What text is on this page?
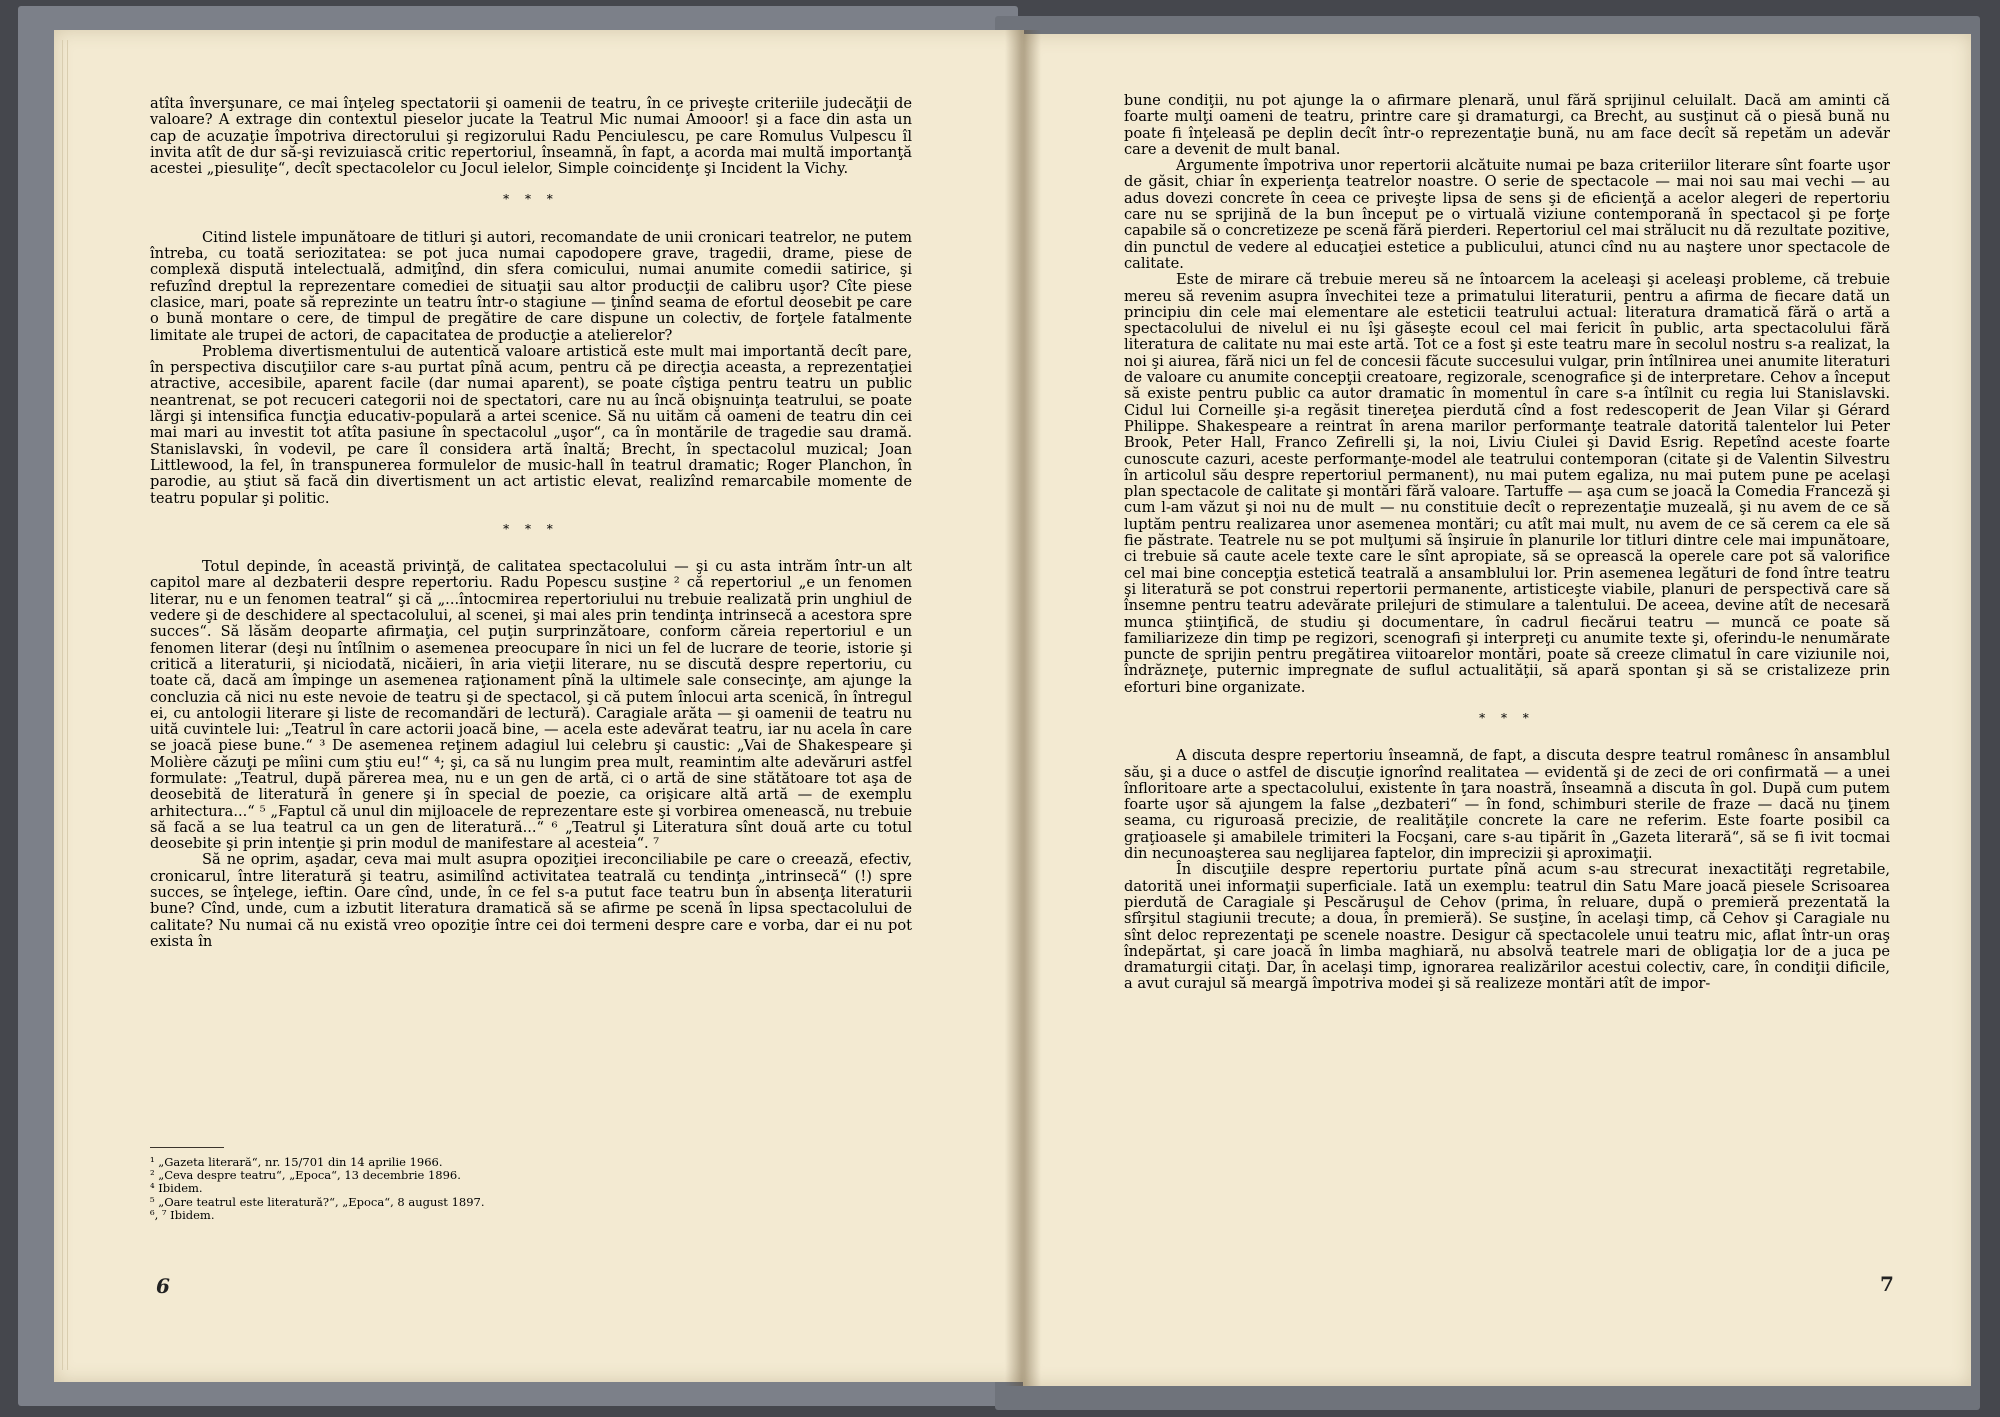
atîta înverşunare, ce mai înţeleg spectatorii şi oamenii de teatru, în ce priveşte criteriile judecăţii de valoare? A extrage din contextul pieselor jucate la Teatrul Mic numai Amooor! şi a face din asta un cap de acuzaţie împotriva directorului şi regizorului Radu Penciulescu, pe care Romulus Vulpescu îl invita atît de dur să-şi revizuiască critic repertoriul, înseamnă, în fapt, a acorda mai multă importanţă acestei „piesuliţe“, decît spectacolelor cu Jocul ielelor, Simple coincidenţe şi Incident la Vichy.

* * *

Citind listele impunătoare de titluri şi autori, recomandate de unii cronicari teatrelor, ne putem întreba, cu toată seriozitatea: se pot juca numai capodopere grave, tragedii, drame, piese de complexă dispută intelectuală, admiţînd, din sfera comicului, numai anumite comedii satirice, şi refuzînd dreptul la reprezentare comediei de situaţii sau altor producţii de calibru uşor? Cîte piese clasice, mari, poate să reprezinte un teatru într-o stagiune — ţinînd seama de efortul deosebit pe care o bună montare o cere, de timpul de pregătire de care dispune un colectiv, de forţele fatalmente limitate ale trupei de actori, de capacitatea de producţie a atelierelor?

Problema divertismentului de autentică valoare artistică este mult mai importantă decît pare, în perspectiva discuţiilor care s-au purtat pînă acum, pentru că pe direcţia aceasta, a reprezentaţiei atractive, accesibile, aparent facile (dar numai aparent), se poate cîştiga pentru teatru un public neantrenat, se pot recuceri categorii noi de spectatori, care nu au încă obişnuinţa teatrului, se poate lărgi şi intensifica funcţia educativ-populară a artei scenice. Să nu uităm că oameni de teatru din cei mai mari au investit tot atîta pasiune în spectacolul „uşor“, ca în montările de tragedie sau dramă. Stanislavski, în vodevil, pe care îl considera artă înaltă; Brecht, în spectacolul muzical; Joan Littlewood, la fel, în transpunerea formulelor de music-hall în teatrul dramatic; Roger Planchon, în parodie, au ştiut să facă din divertisment un act artistic elevat, realizînd remarcabile momente de teatru popular şi politic.

* * *

Totul depinde, în această privinţă, de calitatea spectacolului — şi cu asta intrăm într-un alt capitol mare al dezbaterii despre repertoriu. Radu Popescu susţine ² că repertoriul „e un fenomen literar, nu e un fenomen teatral“ şi că „...întocmirea repertoriului nu trebuie realizată prin unghiul de vedere şi de deschidere al spectacolului, al scenei, şi mai ales prin tendinţa intrinsecă a acestora spre succes“. Să lăsăm deoparte afirmaţia, cel puţin surprinzătoare, conform căreia repertoriul e un fenomen literar (deşi nu întîlnim o asemenea preocupare în nici un fel de lucrare de teorie, istorie şi critică a literaturii, şi niciodată, nicăieri, în aria vieţii literare, nu se discută despre repertoriu, cu toate că, dacă am împinge un asemenea raţionament pînă la ultimele sale consecinţe, am ajunge la concluzia că nici nu este nevoie de teatru şi de spectacol, şi că putem înlocui arta scenică, în întregul ei, cu antologii literare şi liste de recomandări de lectură). Caragiale arăta — şi oamenii de teatru nu uită cuvintele lui: „Teatrul în care actorii joacă bine, — acela este adevărat teatru, iar nu acela în care se joacă piese bune.“ ³ De asemenea reţinem adagiul lui celebru şi caustic: „Vai de Shakespeare şi Molière căzuţi pe mîini cum ştiu eu!“ ⁴; şi, ca să nu lungim prea mult, reamintim alte adevăruri astfel formulate: „Teatrul, după părerea mea, nu e un gen de artă, ci o artă de sine stătătoare tot aşa de deosebită de literatură în genere şi în special de poezie, ca orişicare altă artă — de exemplu arhitectura...“ ⁵ „Faptul că unul din mijloacele de reprezentare este şi vorbirea omenească, nu trebuie să facă a se lua teatrul ca un gen de literatură...“ ⁶ „Teatrul şi Literatura sînt două arte cu totul deosebite şi prin intenţie şi prin modul de manifestare al acesteia“. ⁷

Să ne oprim, aşadar, ceva mai mult asupra opoziţiei ireconciliabile pe care o creează, efectiv, cronicarul, între literatură şi teatru, asimilînd activitatea teatrală cu tendinţa „intrinsecă“ (!) spre succes, se înţelege, ieftin. Oare cînd, unde, în ce fel s-a putut face teatru bun în absenţa literaturii bune? Cînd, unde, cum a izbutit literatura dramatică să se afirme pe scenă în lipsa spectacolului de calitate? Nu numai că nu există vreo opoziţie între cei doi termeni despre care e vorba, dar ei nu pot exista în

¹ „Gazeta literară“, nr. 15/701 din 14 aprilie 1966.
² „Ceva despre teatru“, „Epoca“, 13 decembrie 1896.
⁴ Ibidem.
⁵ „Oare teatrul este literatură?“, „Epoca“, 8 august 1897.
⁶, ⁷ Ibidem.
6

bune condiţii, nu pot ajunge la o afirmare plenară, unul fără sprijinul celuilalt. Dacă am aminti că foarte mulţi oameni de teatru, printre care şi dramaturgi, ca Brecht, au susţinut că o piesă bună nu poate fi înţeleasă pe deplin decît într-o reprezentaţie bună, nu am face decît să repetăm un adevăr care a devenit de mult banal.

Argumente împotriva unor repertorii alcătuite numai pe baza criteriilor literare sînt foarte uşor de găsit, chiar în experienţa teatrelor noastre. O serie de spectacole — mai noi sau mai vechi — au adus dovezi concrete în ceea ce priveşte lipsa de sens şi de eficienţă a acelor alegeri de repertoriu care nu se sprijină de la bun început pe o virtuală viziune contemporană în spectacol şi pe forţe capabile să o concretizeze pe scenă fără pierderi. Repertoriul cel mai strălucit nu dă rezultate pozitive, din punctul de vedere al educaţiei estetice a publicului, atunci cînd nu au naştere unor spectacole de calitate.

Este de mirare că trebuie mereu să ne întoarcem la aceleaşi şi aceleaşi probleme, că trebuie mereu să revenim asupra învechitei teze a primatului literaturii, pentru a afirma de fiecare dată un principiu din cele mai elementare ale esteticii teatrului actual: literatura dramatică fără o artă a spectacolului de nivelul ei nu îşi găseşte ecoul cel mai fericit în public, arta spectacolului fără literatura de calitate nu mai este artă. Tot ce a fost şi este teatru mare în secolul nostru s-a realizat, la noi şi aiurea, fără nici un fel de concesii făcute succesului vulgar, prin întîlnirea unei anumite literaturi de valoare cu anumite concepţii creatoare, regizorale, scenografice şi de interpretare. Cehov a început să existe pentru public ca autor dramatic în momentul în care s-a întîlnit cu regia lui Stanislavski. Cidul lui Corneille şi-a regăsit tinereţea pierdută cînd a fost redescoperit de Jean Vilar şi Gérard Philippe. Shakespeare a reintrat în arena marilor performanţe teatrale datorită talentelor lui Peter Brook, Peter Hall, Franco Zefirelli şi, la noi, Liviu Ciulei şi David Esrig. Repetînd aceste foarte cunoscute cazuri, aceste performanţe-model ale teatrului contemporan (citate şi de Valentin Silvestru în articolul său despre repertoriul permanent), nu mai putem egaliza, nu mai putem pune pe acelaşi plan spectacole de calitate şi montări fără valoare. Tartuffe — aşa cum se joacă la Comedia Franceză şi cum l-am văzut şi noi nu de mult — nu constituie decît o reprezentaţie muzeală, şi nu avem de ce să luptăm pentru realizarea unor asemenea montări; cu atît mai mult, nu avem de ce să cerem ca ele să fie păstrate. Teatrele nu se pot mulţumi să înşiruie în planurile lor titluri dintre cele mai impunătoare, ci trebuie să caute acele texte care le sînt apropiate, să se oprească la operele care pot să valorifice cel mai bine concepţia estetică teatrală a ansamblului lor. Prin asemenea legături de fond între teatru şi literatură se pot construi repertorii permanente, artisticeşte viabile, planuri de perspectivă care să însemne pentru teatru adevărate prilejuri de stimulare a talentului. De aceea, devine atît de necesară munca ştiinţifică, de studiu şi documentare, în cadrul fiecărui teatru — muncă ce poate să familiarizeze din timp pe regizori, scenografi şi interpreţi cu anumite texte şi, oferindu-le nenumărate puncte de sprijin pentru pregătirea viitoarelor montări, poate să creeze climatul în care viziunile noi, îndrăzneţe, puternic impregnate de suflul actualităţii, să apară spontan şi să se cristalizeze prin eforturi bine organizate.

* * *

A discuta despre repertoriu înseamnă, de fapt, a discuta despre teatrul românesc în ansamblul său, şi a duce o astfel de discuţie ignorînd realitatea — evidentă şi de zeci de ori confirmată — a unei înfloritoare arte a spectacolului, existente în ţara noastră, înseamnă a discuta în gol. După cum putem foarte uşor să ajungem la false „dezbateri“ — în fond, schimburi sterile de fraze — dacă nu ţinem seama, cu riguroasă precizie, de realităţile concrete la care ne referim. Este foarte posibil ca graţioasele şi amabilele trimiteri la Focşani, care s-au tipărit în „Gazeta literară“, să se fi ivit tocmai din necunoaşterea sau neglijarea faptelor, din imprecizii şi aproximaţii.

În discuţiile despre repertoriu purtate pînă acum s-au strecurat inexactităţi regretabile, datorită unei informaţii superficiale. Iată un exemplu: teatrul din Satu Mare joacă piesele Scrisoarea pierdută de Caragiale şi Pescăruşul de Cehov (prima, în reluare, după o premieră prezentată la sfîrşitul stagiunii trecute; a doua, în premieră). Se susţine, în acelaşi timp, că Cehov şi Caragiale nu sînt deloc reprezentaţi pe scenele noastre. Desigur că spectacolele unui teatru mic, aflat într-un oraş îndepărtat, şi care joacă în limba maghiară, nu absolvă teatrele mari de obligaţia lor de a juca pe dramaturgii citaţi. Dar, în acelaşi timp, ignorarea realizărilor acestui colectiv, care, în condiţii dificile, a avut curajul să meargă împotriva modei şi să realizeze montări atît de impor-

7
